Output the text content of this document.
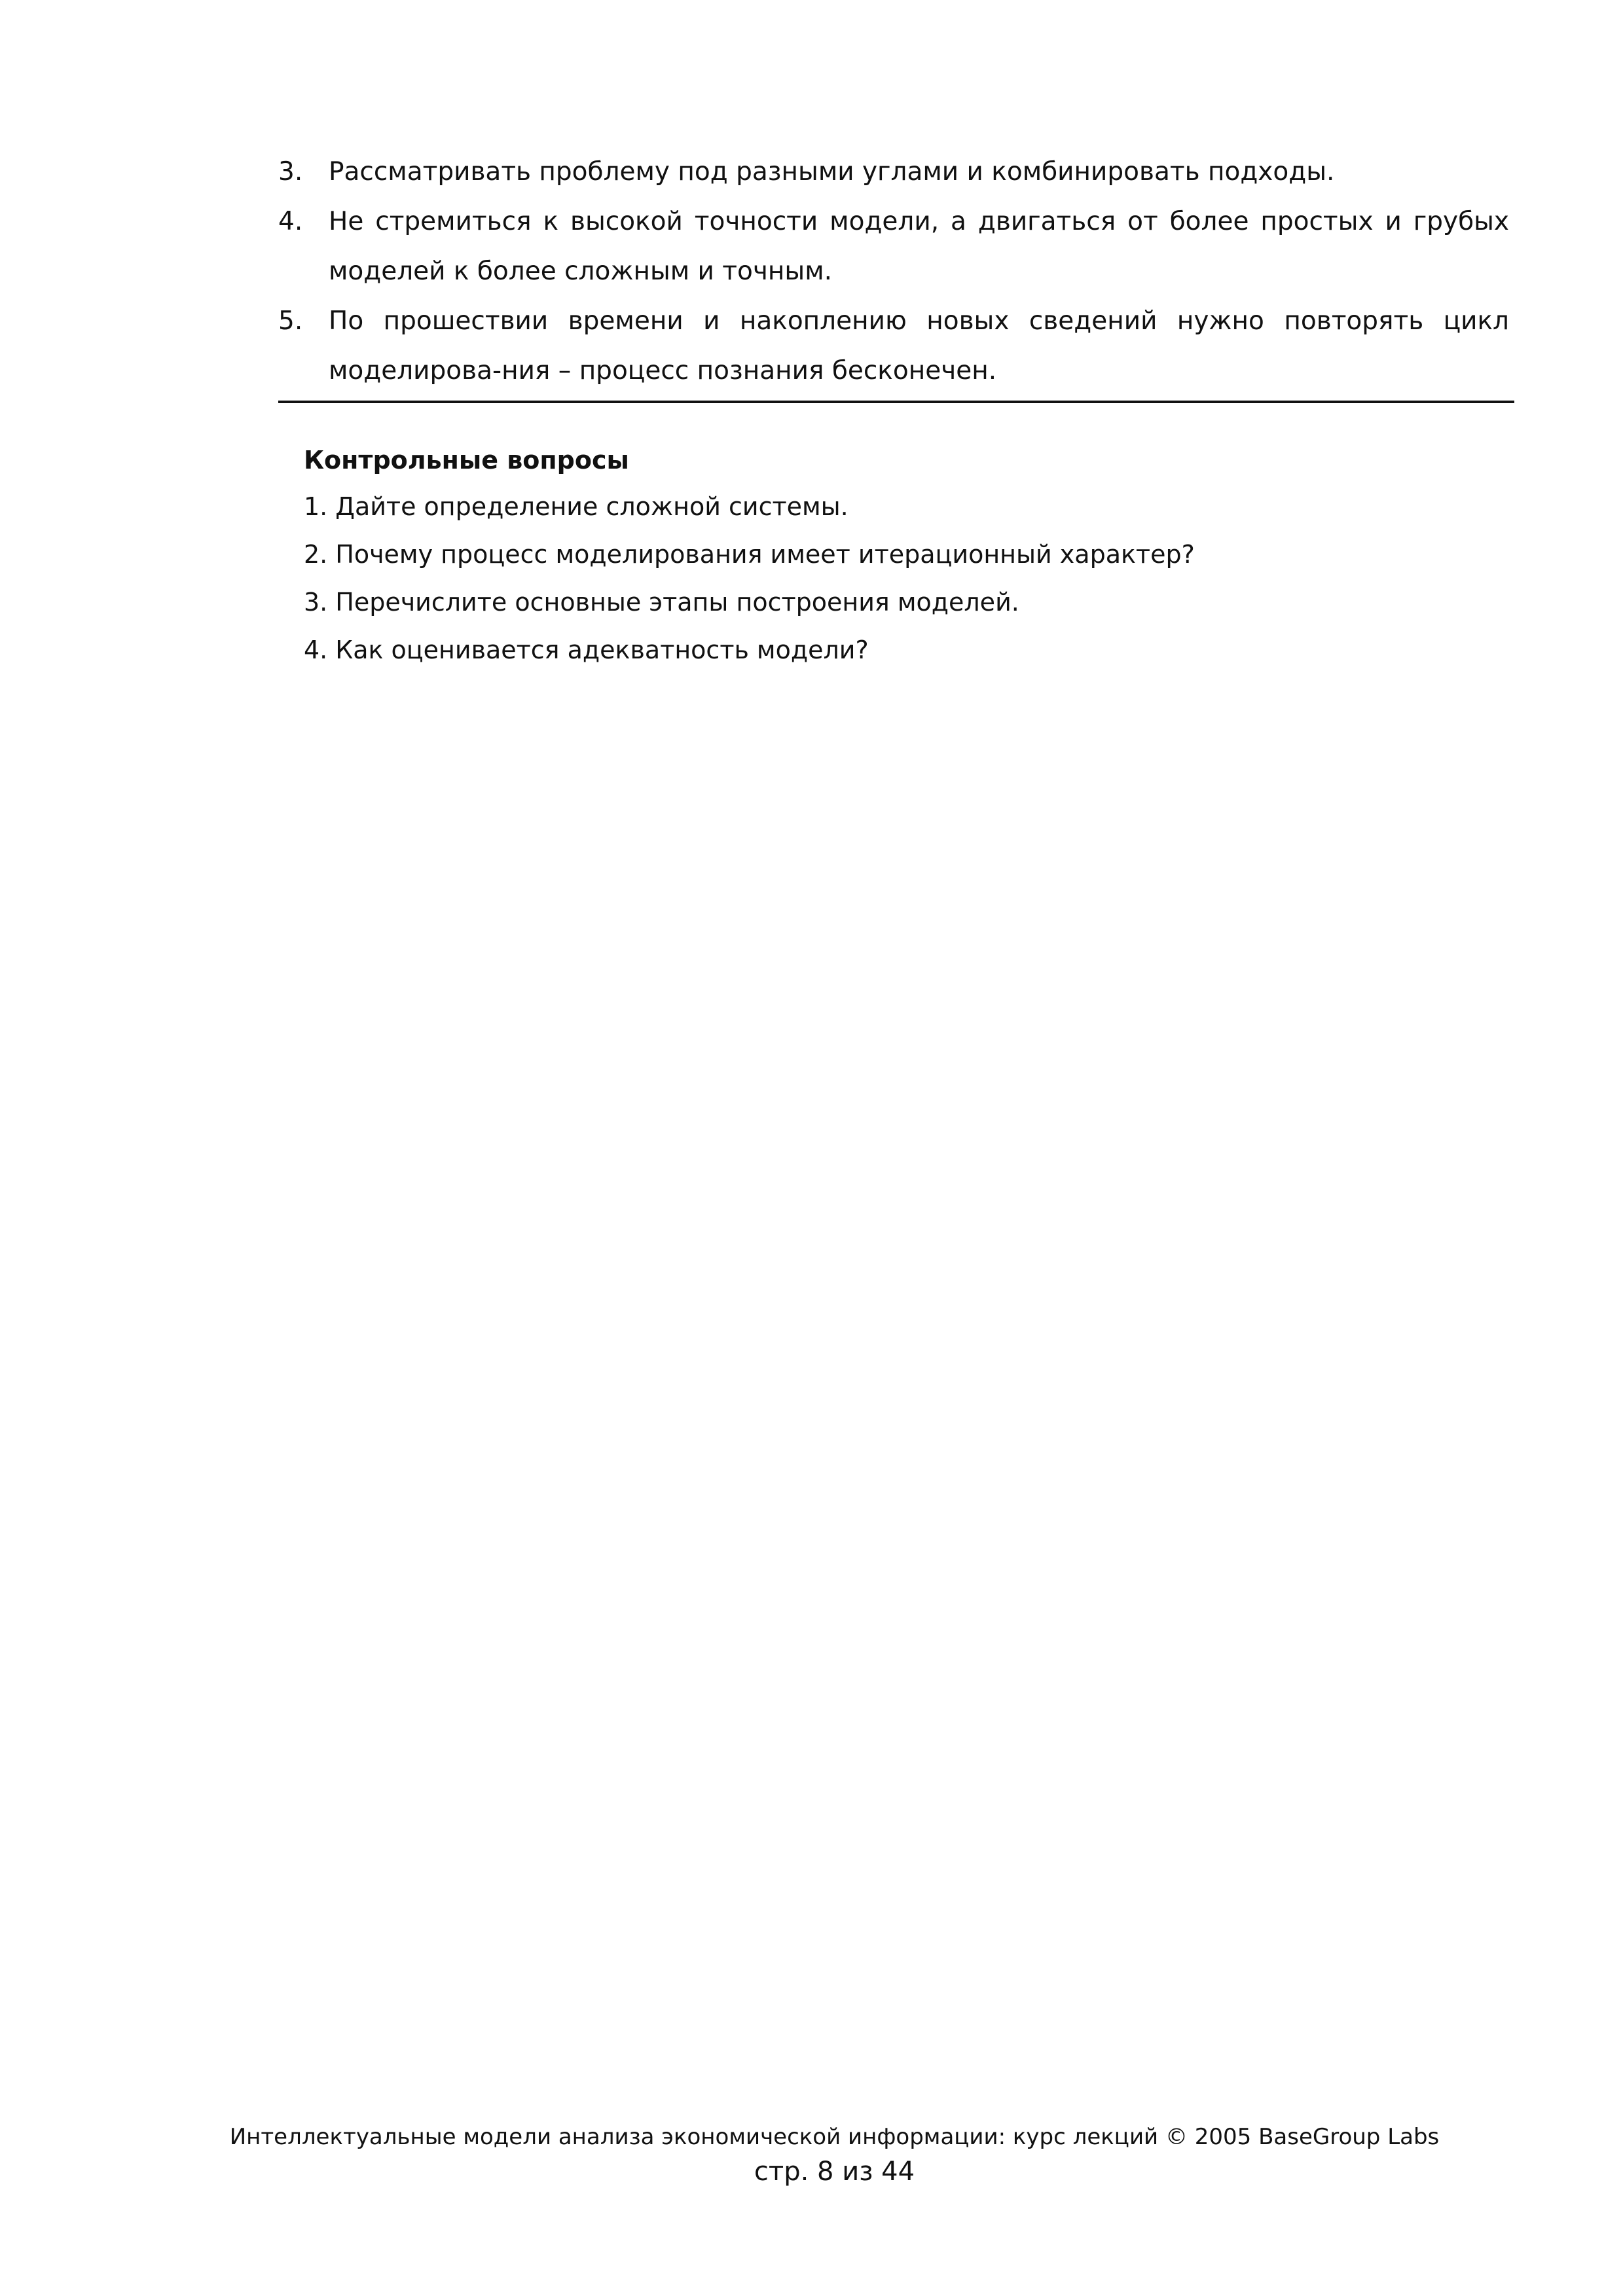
3. Рассматривать проблему под разными углами и комбинировать подходы.
4. Не стремиться к высокой точности модели, а двигаться от более простых и грубых моделей к более сложным и точным.
5. По прошествии времени и накоплению новых сведений нужно повторять цикл моделирова-ния – процесс познания бесконечен.
Контрольные вопросы
1. Дайте определение сложной системы.
2. Почему процесс моделирования имеет итерационный характер?
3. Перечислите основные этапы построения моделей.
4. Как оценивается адекватность модели?
Интеллектуальные модели анализа экономической информации: курс лекций © 2005 BaseGroup Labs
стр. 8 из 44
